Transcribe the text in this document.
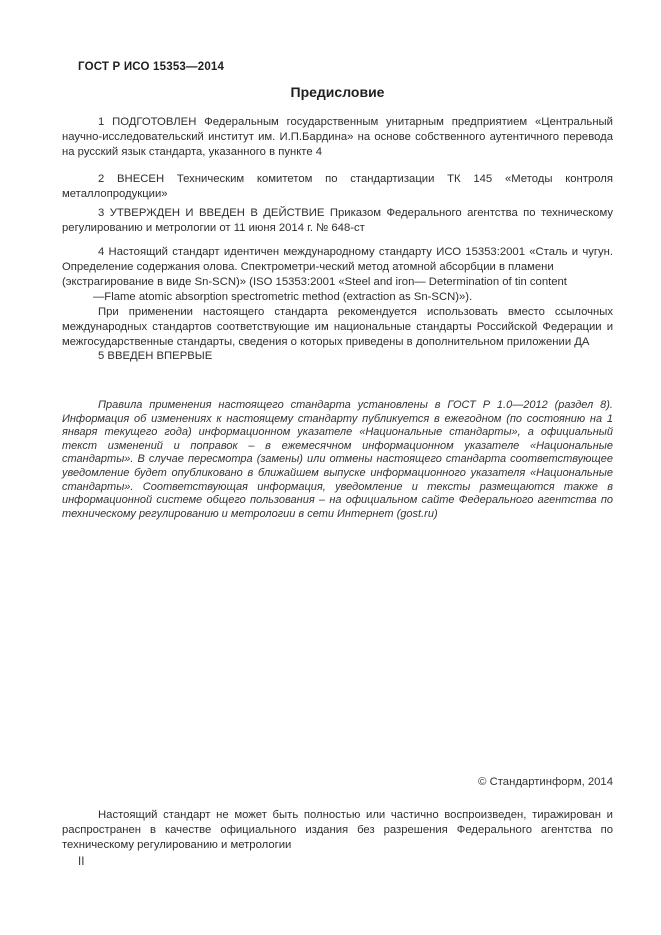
ГОСТ Р ИСО 15353—2014
Предисловие

1 ПОДГОТОВЛЕН Федеральным государственным унитарным предприятием «Центральный научно-исследовательский институт им. И.П.Бардина» на основе собственного аутентичного перевода на русский язык стандарта, указанного в пункте 4

2 ВНЕСЕН Техническим комитетом по стандартизации ТК 145 «Методы контроля металлопродукции»

3 УТВЕРЖДЕН И ВВЕДЕН В ДЕЙСТВИЕ Приказом Федерального агентства по техническому регулированию и метрологии от 11 июня 2014 г. № 648-ст

4 Настоящий стандарт идентичен международному стандарту ИСО 15353:2001 «Сталь и чугун.
Определение содержания олова. Спектрометри-ческий метод атомной абсорбции в пламени
(экстрагирование в виде Sn-SCN)» (ISO 15353:2001 «Steel and iron— Determination of tin content
—Flame atomic absorption spectrometric method (extraction as Sn-SCN)»).
При применении настоящего стандарта рекомендуется использовать вместо ссылочных международных стандартов соответствующие им национальные стандарты Российской Федерации и межгосударственные стандарты, сведения о которых приведены в дополнительном приложении ДА

5 ВВЕДЕН ВПЕРВЫЕ

Правила применения настоящего стандарта установлены в ГОСТ Р 1.0—2012 (раздел 8). Информация об изменениях к настоящему стандарту публикуется в ежегодном (по состоянию на 1 января текущего года) информационном указателе «Национальные стандарты», а официальный текст изменений и поправок – в ежемесячном информационном указателе «Национальные стандарты». В случае пересмотра (замены) или отмены настоящего стандарта соответствующее уведомление будет опубликовано в ближайшем выпуске информационного указателя «Национальные стандарты». Соответствующая информация, уведомление и тексты размещаются также в информационной системе общего пользования – на официальном сайте Федерального агентства по техническому регулированию и метрологии в сети Интернет (gost.ru)

© Стандартинформ, 2014

Настоящий стандарт не может быть полностью или частично воспроизведен, тиражирован и распространен в качестве официального издания без разрешения Федерального агентства по техническому регулированию и метрологии

II
